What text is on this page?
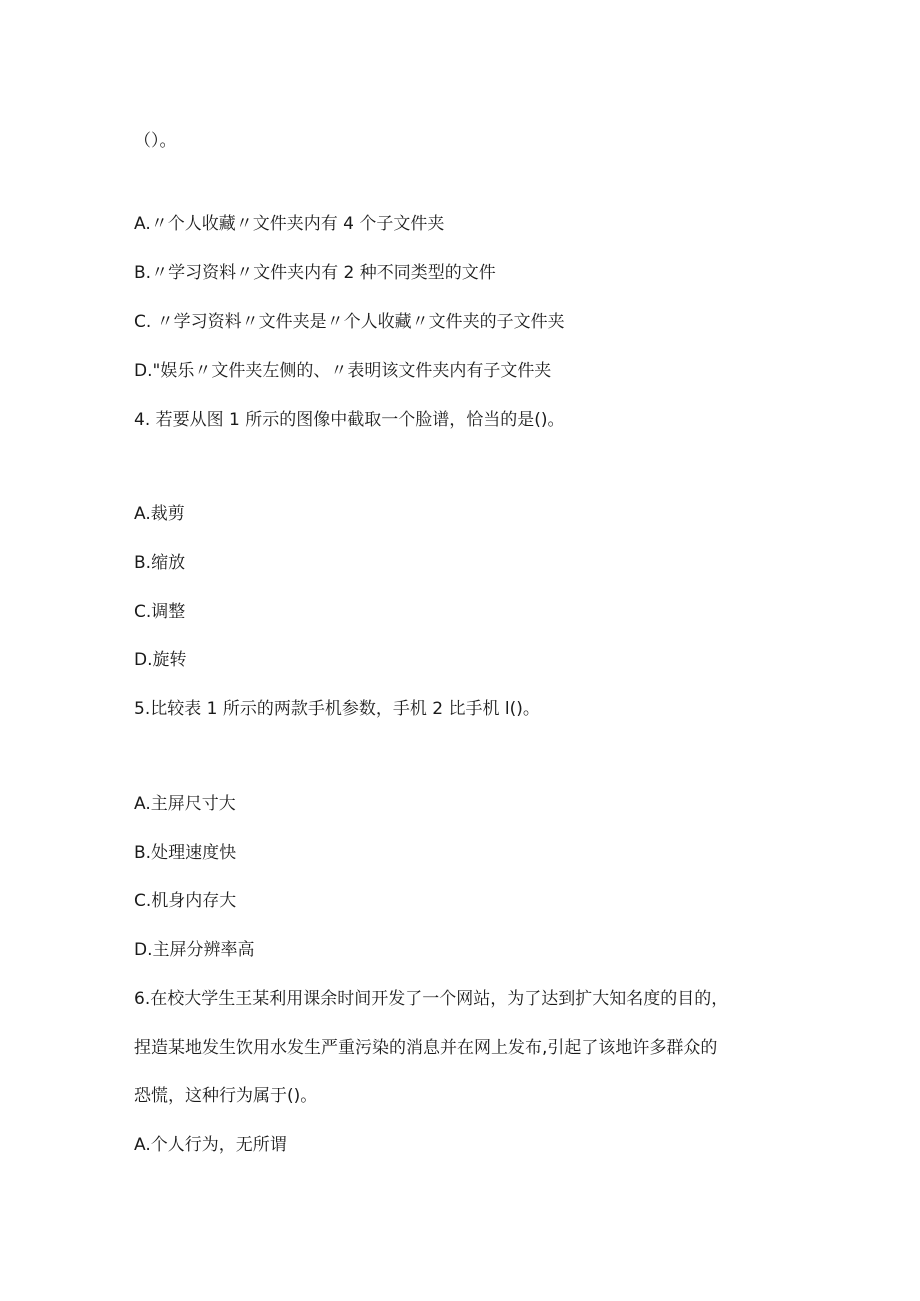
（）。
A.〃个人收藏〃文件夹内有 4 个子文件夹
B.〃学习资料〃文件夹内有 2 种不同类型的文件
C. 〃学习资料〃文件夹是〃个人收藏〃文件夹的子文件夹
D."娱乐〃文件夹左侧的、〃表明该文件夹内有子文件夹
4. 若要从图 1 所示的图像中截取一个脸谱，恰当的是()。
A.裁剪
B.缩放
C.调整
D.旋转
5.比较表 1 所示的两款手机参数，手机 2 比手机 l()。
A.主屏尺寸大
B.处理速度快
C.机身内存大
D.主屏分辨率高
6.在校大学生王某利用课余时间开发了一个网站，为了达到扩大知名度的目的，
捏造某地发生饮用水发生严重污染的消息并在网上发布,引起了该地许多群众的
恐慌，这种行为属于()。
A.个人行为，无所谓
